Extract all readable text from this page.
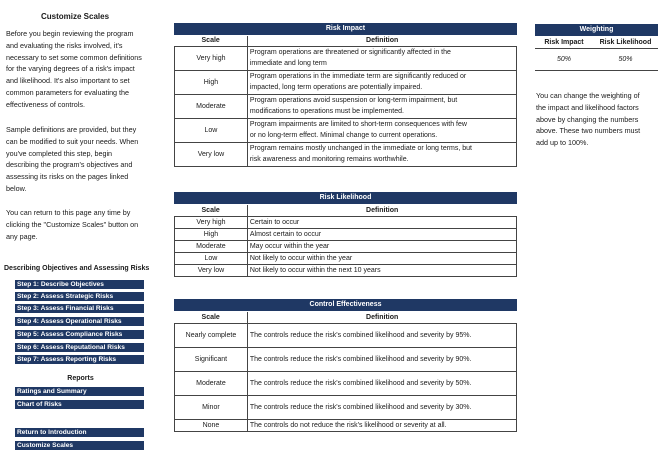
Customize Scales
Before you begin reviewing the program
and evaluating the risks involved, it's
necessary to set some common definitions
for the varying degrees of a risk's impact
and likelihood. It's also important to set
common parameters for evaluating the
effectiveness of controls.
Sample definitions are provided, but they
can be modified to suit your needs. When
you've completed this step, begin
describing the program's objectives and
assessing its risks on the pages linked
below.
You can return to this page any time by
clicking the "Customize Scales" button on
any page.
Describing Objectives and Assessing Risks
Step 1: Describe Objectives
Step 2: Assess Strategic Risks
Step 3: Assess Financial Risks
Step 4: Assess Operational Risks
Step 5: Assess Compliance Risks
Step 6: Assess Reputational Risks
Step 7: Assess Reporting Risks
Reports
Ratings and Summary
Chart of Risks
Return to Introduction
Customize Scales
Risk Impact
Scale	Definition
Very high	Program operations are threatened or significantly affected in the
immediate and long term

High	Program operations in the immediate term are significantly reduced or
impacted, long term operations are potentially impaired.

Moderate	Program operations avoid suspension or long-term impairment, but
modifications to operations must be implemented.

Low	Program impairments are limited to short-term consequences with few
or no long-term effect. Minimal change to current operations.

Very low	Program remains mostly unchanged in the immediate or long terms, but
risk awareness and monitoring remains worthwhile.
Risk Likelihood
Scale	Definition
Very high	Certain to occur
High	Almost certain to occur
Moderate	May occur within the year
Low	Not likely to occur within the year
Very low	Not likely to occur within the next 10 years
Control Effectiveness
Scale	Definition
Nearly complete	The controls reduce the risk's combined likelihood and severity by 95%.
Significant	The controls reduce the risk's combined likelihood and severity by 90%.
Moderate	The controls reduce the risk's combined likelihood and severity by 50%.
Minor	The controls reduce the risk's combined likelihood and severity by 30%.
None	The controls do not reduce the risk's likelihood or severity at all.
Weighting
Risk Impact	Risk Likelihood
50%	50%
You can change the weighting of
the impact and likelihood factors
above by changing the numbers
above. These two numbers must
add up to 100%.
